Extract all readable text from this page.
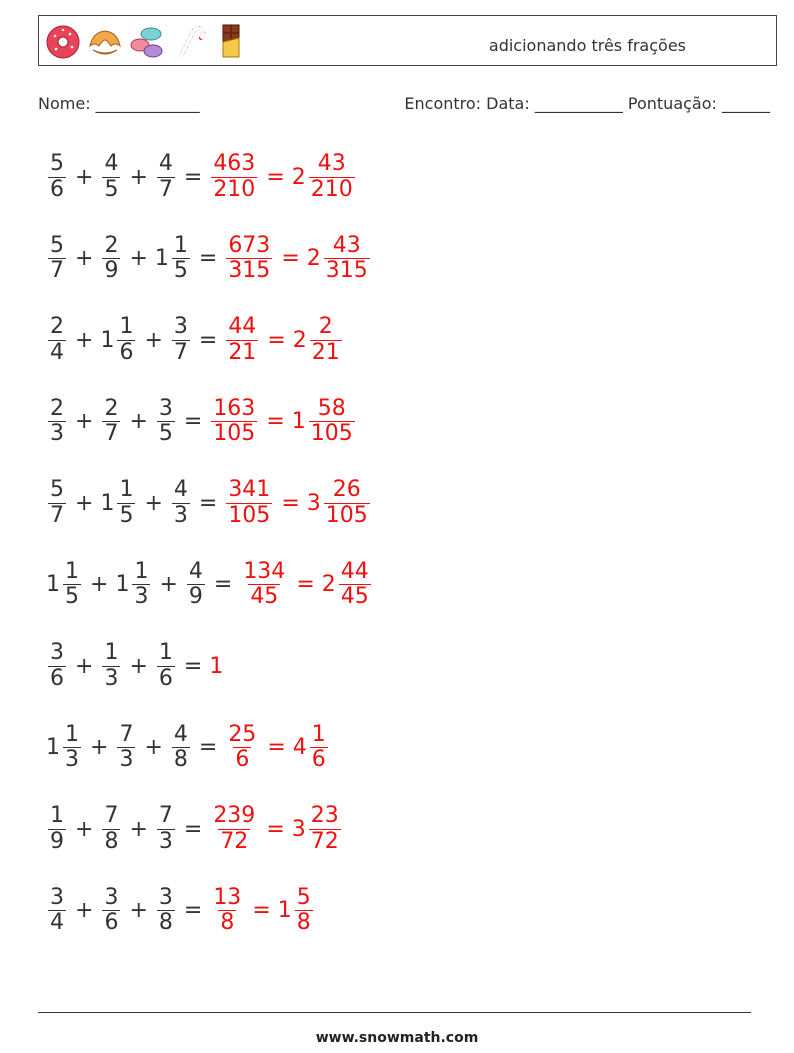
adicionando três frações
Nome: _____________	Encontro: Data: ___________ Pontuação: ______
$\frac{5}{6} + \frac{4}{5} + \frac{4}{7} = \frac{463}{210} = 2 \frac{43}{210}$
$\frac{5}{7} + \frac{2}{9} + 1 \frac{1}{5} = \frac{673}{315} = 2 \frac{43}{315}$
$\frac{2}{4} + 1 \frac{1}{6} + \frac{3}{7} = \frac{44}{21} = 2 \frac{2}{21}$
$\frac{2}{3} + \frac{2}{7} + \frac{3}{5} = \frac{163}{105} = 1 \frac{58}{105}$
$\frac{5}{7} + 1 \frac{1}{5} + \frac{4}{3} = \frac{341}{105} = 3 \frac{26}{105}$
$1 \frac{1}{5} + 1 \frac{1}{3} + \frac{4}{9} = \frac{134}{45} = 2 \frac{44}{45}$
$\frac{3}{6} + \frac{1}{3} + \frac{1}{6} = 1$
$1 \frac{1}{3} + \frac{7}{3} + \frac{4}{8} = \frac{25}{6} = 4 \frac{1}{6}$
$\frac{1}{9} + \frac{7}{8} + \frac{7}{3} = \frac{239}{72} = 3 \frac{23}{72}$
$\frac{3}{4} + \frac{3}{6} + \frac{3}{8} = \frac{13}{8} = 1 \frac{5}{8}$
www.snowmath.com
